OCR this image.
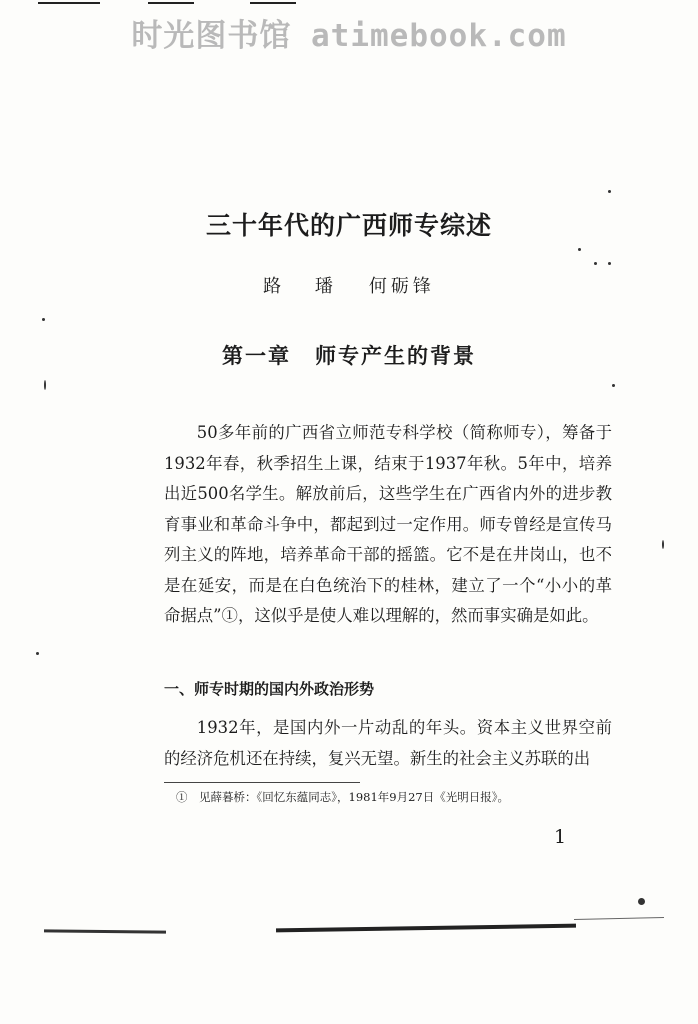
时光图书馆 atimebook.com
三十年代的广西师专综述
路 璠 何砺锋
第一章 师专产生的背景

50多年前的广西省立师范专科学校（简称师专），筹备于1932年春，秋季招生上课，结束于1937年秋。5年中，培养出近500名学生。解放前后，这些学生在广西省内外的进步教育事业和革命斗争中，都起到过一定作用。师专曾经是宣传马列主义的阵地，培养革命干部的摇篮。它不是在井岗山，也不是在延安，而是在白色统治下的桂林，建立了一个“小小的革命据点”①，这似乎是使人难以理解的，然而事实确是如此。

一、师专时期的国内外政治形势

1932年，是国内外一片动乱的年头。资本主义世界空前的经济危机还在持续，复兴无望。新生的社会主义苏联的出

①　见薛暮桥：《回忆东蕴同志》，1981年9月27日《光明日报》。
1
